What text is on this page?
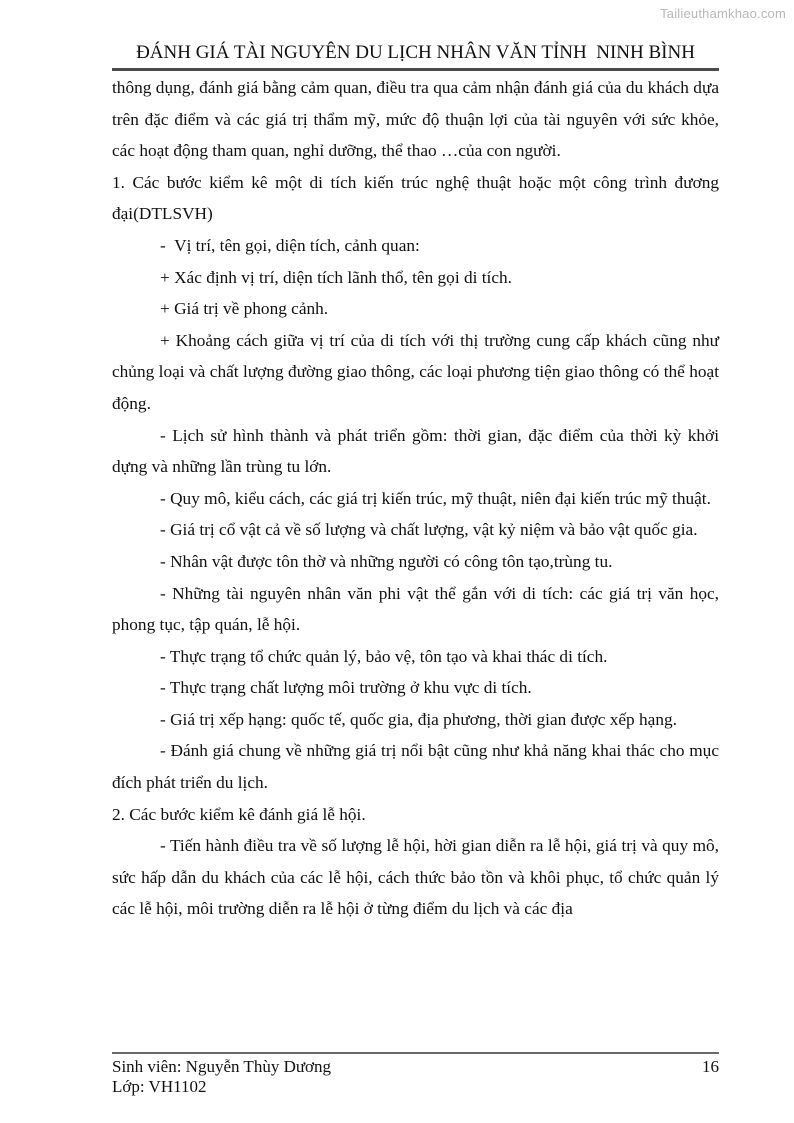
Tailieuthamkhao.com
ĐÁNH GIÁ TÀI NGUYÊN DU LỊCH NHÂN VĂN TỈNH  NINH BÌNH

thông dụng, đánh giá bằng cảm quan, điều tra qua cảm nhận đánh giá của du khách dựa trên đặc điểm và các giá trị thẩm mỹ, mức độ thuận lợi của tài nguyên với sức khỏe, các hoạt động tham quan, nghỉ dưỡng, thể thao …của con người.

1. Các bước kiểm kê một di tích kiến trúc nghệ thuật hoặc một công trình đương đại(DTLSVH)

-  Vị trí, tên gọi, diện tích, cảnh quan:

+ Xác định vị trí, diện tích lãnh thổ, tên gọi di tích.

+ Giá trị về phong cảnh.

+ Khoảng cách giữa vị trí của di tích với thị trường cung cấp khách cũng như chủng loại và chất lượng đường giao thông, các loại phương tiện giao thông có thể hoạt động.

- Lịch sử hình thành và phát triển gồm: thời gian, đặc điểm của thời kỳ khởi dựng và những lần trùng tu lớn.

- Quy mô, kiểu cách, các giá trị kiến trúc, mỹ thuật, niên đại kiến trúc mỹ thuật.

- Giá trị cổ vật cả về số lượng và chất lượng, vật kỷ niệm và bảo vật quốc gia.

- Nhân vật được tôn thờ và những người có công tôn tạo,trùng tu.

- Những tài nguyên nhân văn phi vật thể gắn với di tích: các giá trị văn học, phong tục, tập quán, lễ hội.

- Thực trạng tổ chức quản lý, bảo vệ, tôn tạo và khai thác di tích.

- Thực trạng chất lượng môi trường ở khu vực di tích.

- Giá trị xếp hạng: quốc tế, quốc gia, địa phương, thời gian được xếp hạng.

- Đánh giá chung về những giá trị nổi bật cũng như khả năng khai thác cho mục đích phát triển du lịch.

2. Các bước kiểm kê đánh giá lễ hội.

- Tiến hành điều tra về số lượng lễ hội, hời gian diễn ra lễ hội, giá trị và quy mô, sức hấp dẫn du khách của các lễ hội, cách thức bảo tồn và khôi phục, tổ chức quản lý các lễ hội, môi trường diễn ra lễ hội ở từng điểm du lịch và các địa

Sinh viên: Nguyễn Thùy Dương	16
Lớp: VH1102
